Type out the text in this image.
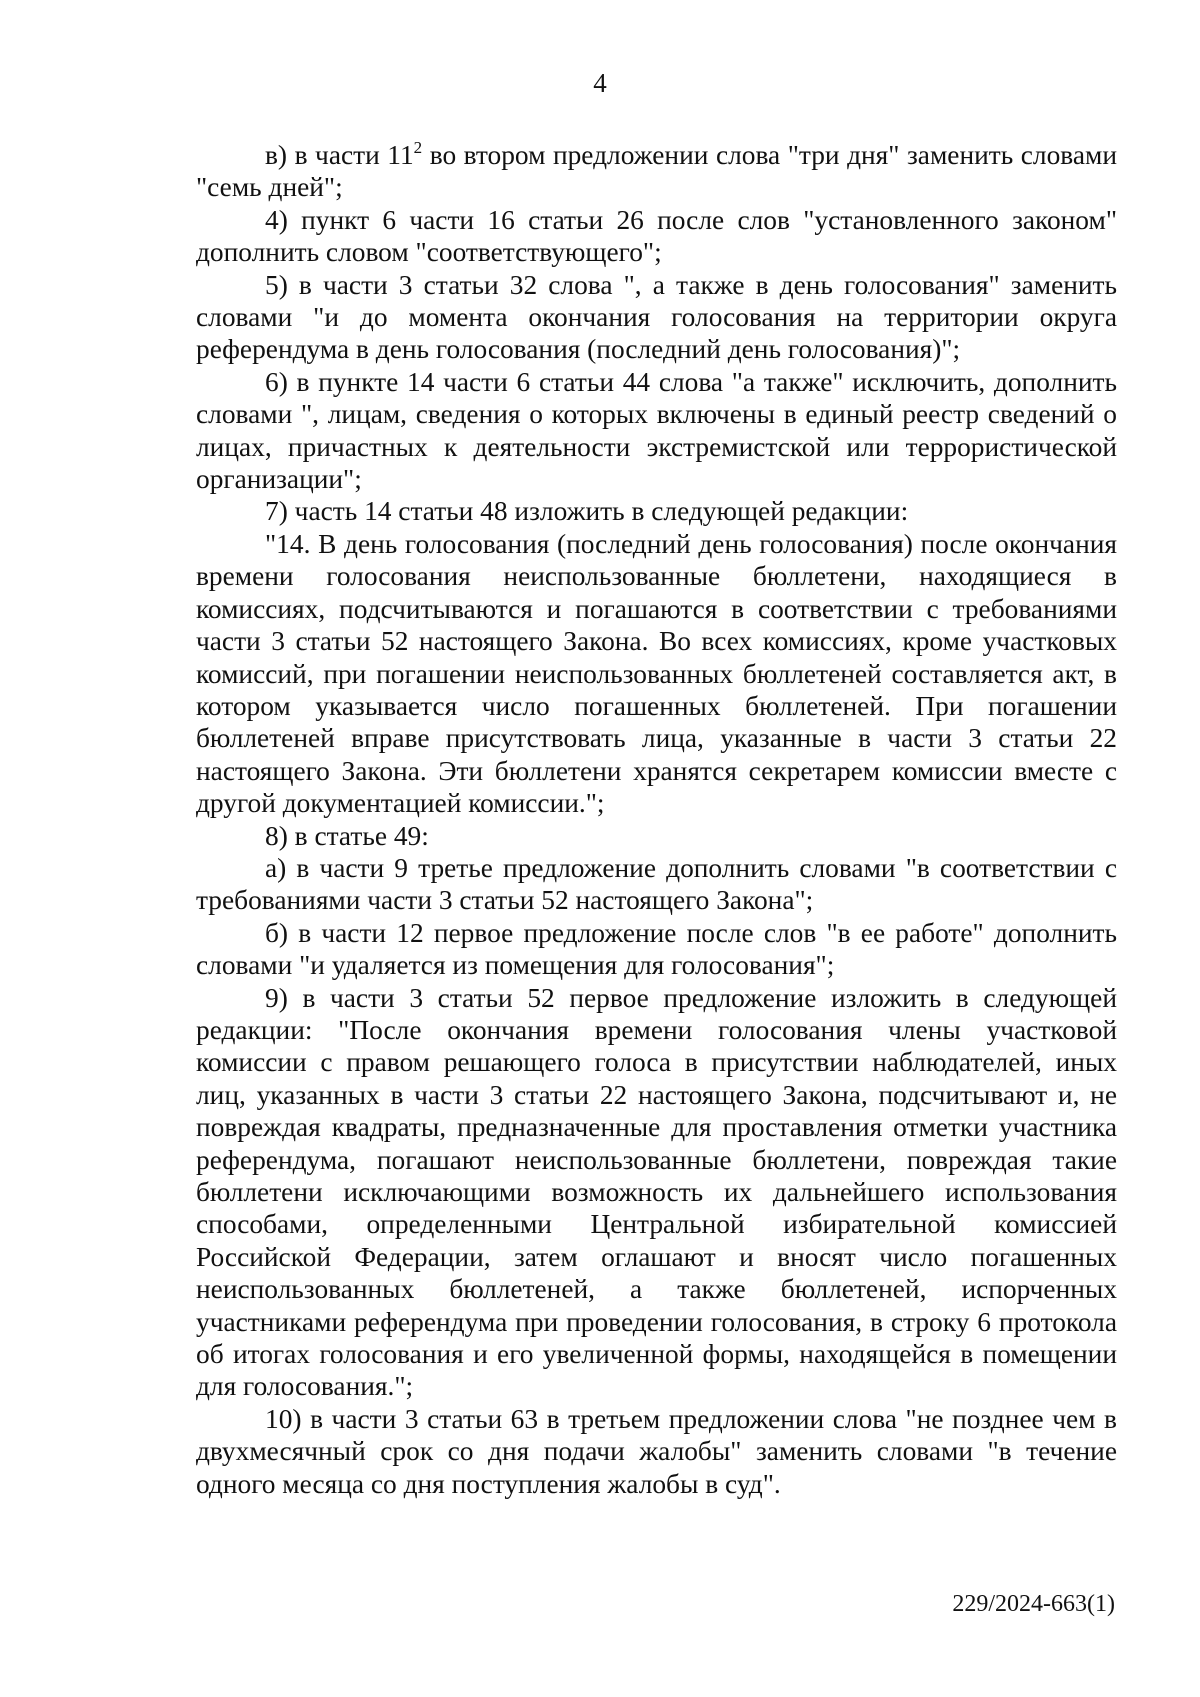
4

в) в части $11^2$ во втором предложении слова "три дня" заменить словами "семь дней";

4) пункт 6 части 16 статьи 26 после слов "установленного законом" дополнить словом "соответствующего";

5) в части 3 статьи 32 слова ", а также в день голосования" заменить словами "и до момента окончания голосования на территории округа референдума в день голосования (последний день голосования)";

6) в пункте 14 части 6 статьи 44 слова "а также" исключить, дополнить словами ", лицам, сведения о которых включены в единый реестр сведений о лицах, причастных к деятельности экстремистской или террористической организации";

7) часть 14 статьи 48 изложить в следующей редакции:

"14. В день голосования (последний день голосования) после окончания времени голосования неиспользованные бюллетени, находящиеся в комиссиях, подсчитываются и погашаются в соответствии с требованиями части 3 статьи 52 настоящего Закона. Во всех комиссиях, кроме участковых комиссий, при погашении неиспользованных бюллетеней составляется акт, в котором указывается число погашенных бюллетеней. При погашении бюллетеней вправе присутствовать лица, указанные в части 3 статьи 22 настоящего Закона. Эти бюллетени хранятся секретарем комиссии вместе с другой документацией комиссии.";

8) в статье 49:

а) в части 9 третье предложение дополнить словами "в соответствии с требованиями части 3 статьи 52 настоящего Закона";

б) в части 12 первое предложение после слов "в ее работе" дополнить словами "и удаляется из помещения для голосования";

9) в части 3 статьи 52 первое предложение изложить в следующей редакции: "После окончания времени голосования члены участковой комиссии с правом решающего голоса в присутствии наблюдателей, иных лиц, указанных в части 3 статьи 22 настоящего Закона, подсчитывают и, не повреждая квадраты, предназначенные для проставления отметки участника референдума, погашают неиспользованные бюллетени, повреждая такие бюллетени исключающими возможность их дальнейшего использования способами, определенными Центральной избирательной комиссией Российской Федерации, затем оглашают и вносят число погашенных неиспользованных бюллетеней, а также бюллетеней, испорченных участниками референдума при проведении голосования, в строку 6 протокола об итогах голосования и его увеличенной формы, находящейся в помещении для голосования.";

10) в части 3 статьи 63 в третьем предложении слова "не позднее чем в двухмесячный срок со дня подачи жалобы" заменить словами "в течение одного месяца со дня поступления жалобы в суд".

229/2024-663(1)
